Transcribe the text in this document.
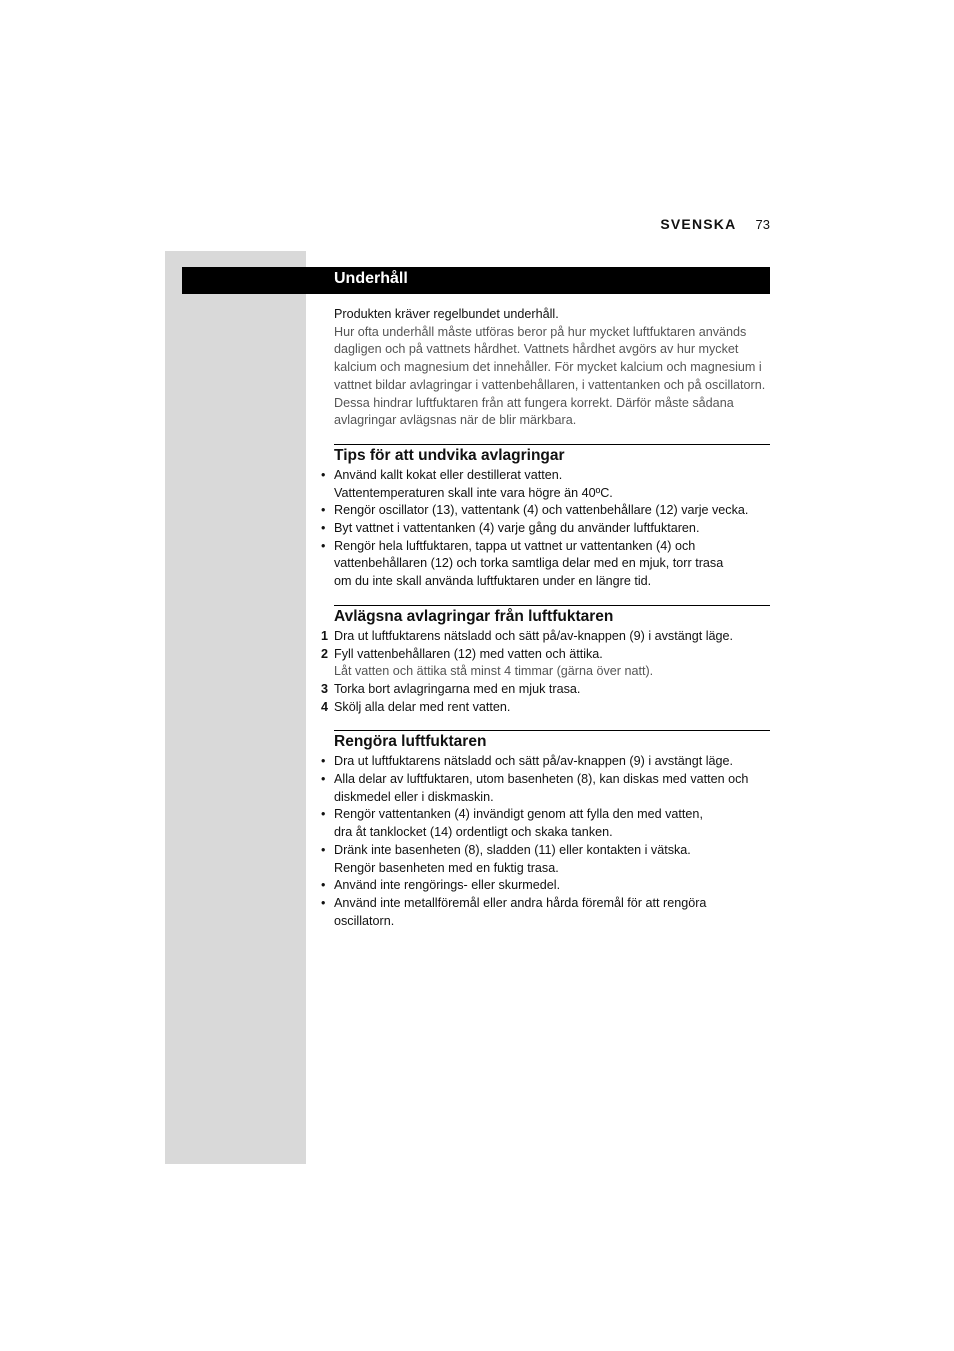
SVENSKA 73
Underhåll

Produkten kräver regelbundet underhåll.

Hur ofta underhåll måste utföras beror på hur mycket luftfuktaren används
dagligen och på vattnets hårdhet. Vattnets hårdhet avgörs av hur mycket
kalcium och magnesium det innehåller. För mycket kalcium och magnesium i
vattnet bildar avlagringar i vattenbehållaren, i vattentanken och på oscillatorn.
Dessa hindrar luftfuktaren från att fungera korrekt. Därför måste sådana
avlagringar avlägsnas när de blir märkbara.

Tips för att undvika avlagringar
• Använd kallt kokat eller destillerat vatten.
Vattentemperaturen skall inte vara högre än 40ºC.
• Rengör oscillator (13), vattentank (4) och vattenbehållare (12) varje vecka.
• Byt vattnet i vattentanken (4) varje gång du använder luftfuktaren.
• Rengör hela luftfuktaren, tappa ut vattnet ur vattentanken (4) och
vattenbehållaren (12) och torka samtliga delar med en mjuk, torr trasa
om du inte skall använda luftfuktaren under en längre tid.
Avlägsna avlagringar från luftfuktaren
1 Dra ut luftfuktarens nätsladd och sätt på/av-knappen (9) i avstängt läge.
2 Fyll vattenbehållaren (12) med vatten och ättika.
Låt vatten och ättika stå minst 4 timmar (gärna över natt).
3 Torka bort avlagringarna med en mjuk trasa.
4 Skölj alla delar med rent vatten.
Rengöra luftfuktaren
• Dra ut luftfuktarens nätsladd och sätt på/av-knappen (9) i avstängt läge.
• Alla delar av luftfuktaren, utom basenheten (8), kan diskas med vatten och
diskmedel eller i diskmaskin.
• Rengör vattentanken (4) invändigt genom att fylla den med vatten,
dra åt tanklocket (14) ordentligt och skaka tanken.
• Dränk inte basenheten (8), sladden (11) eller kontakten i vätska.
Rengör basenheten med en fuktig trasa.
• Använd inte rengörings- eller skurmedel.
• Använd inte metallföremål eller andra hårda föremål för att rengöra
oscillatorn.
